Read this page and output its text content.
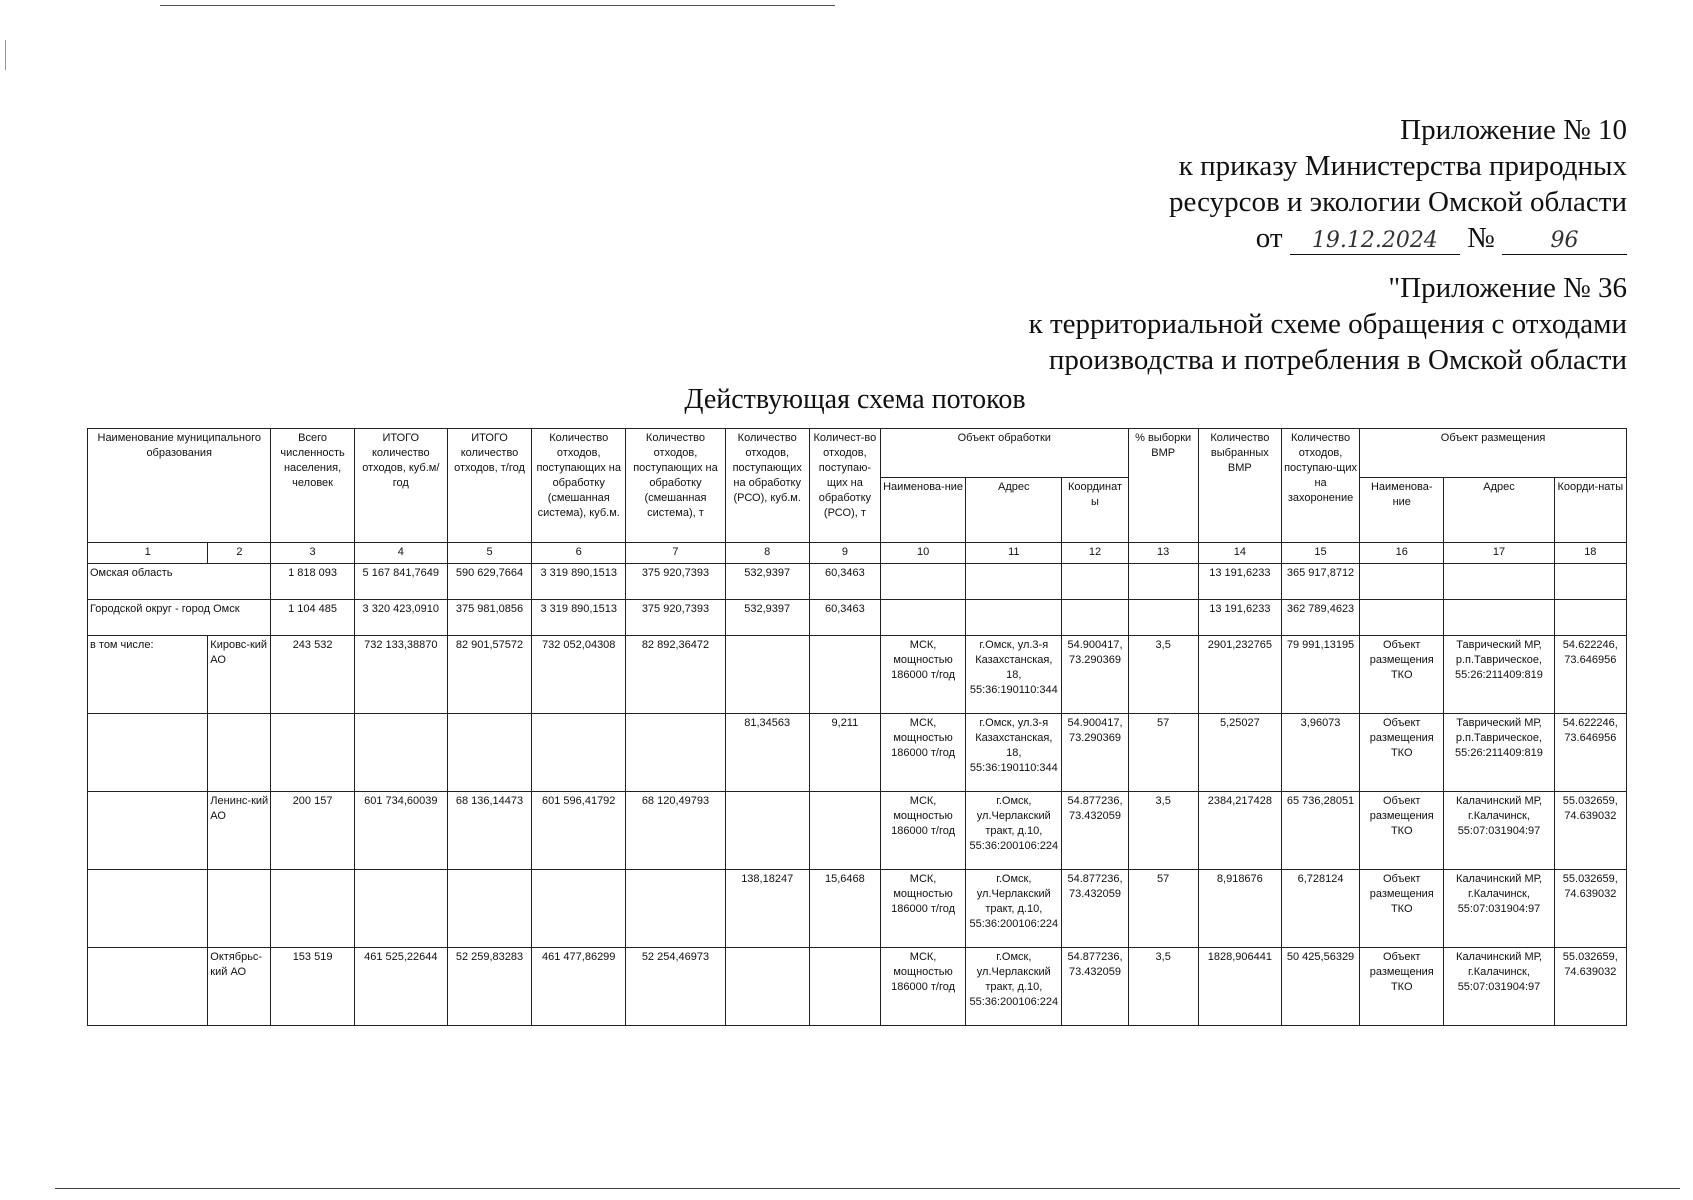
Приложение № 10
к приказу Министерства природных
ресурсов и экологии Омской области
от 19.12.2024 №	96
"Приложение № 36
к территориальной схеме обращения с отходами
производства и потребления в Омской области
Действующая схема потоков
Наименование муниципального образования		Всего численность населения, человек	ИТОГО количество отходов, куб.м/год	ИТОГО количество отходов, т/год	Количество отходов, поступающих на обработку (смешанная система), куб.м.	Количество отходов, поступающих на обработку (смешанная система), т	Количество отходов, поступающих на обработку (РСО), куб.м.	Количест-во отходов, поступаю-щих на обработку (РСО), т	Объект обработки			% выборки ВМР	Количество выбранных ВМР	Количество отходов, поступаю-щих на захоронение	Объект размещения		
									Наименова-ние	Адрес	Координат ы				Наименова-ние	Адрес	Коорди-наты
1	2	3	4	5	6	7	8	9	10	11	12	13	14	15	16	17	18
Омская область		1 818 093	5 167 841,7649	590 629,7664	3 319 890,1513	375 920,7393	532,9397	60,3463					13 191,6233	365 917,8712			
Городской округ - город Омск		1 104 485	3 320 423,0910	375 981,0856	3 319 890,1513	375 920,7393	532,9397	60,3463					13 191,6233	362 789,4623			
в том числе:	Кировс-кий АО	243 532	732 133,38870	82 901,57572	732 052,04308	82 892,36472			МСК, мощностью 186000 т/год	г.Омск, ул.3-я Казахстанская, 18, 55:36:190110:344	54.900417, 73.290369	3,5	2901,232765	79 991,13195	Объект размещения ТКО	Таврический МР, р.п.Таврическое, 55:26:211409:819	54.622246, 73.646956
							81,34563	9,211	МСК, мощностью 186000 т/год	г.Омск, ул.3-я Казахстанская, 18, 55:36:190110:344	54.900417, 73.290369	57	5,25027	3,96073	Объект размещения ТКО	Таврический МР, р.п.Таврическое, 55:26:211409:819	54.622246, 73.646956
	Ленинс-кий АО	200 157	601 734,60039	68 136,14473	601 596,41792	68 120,49793			МСК, мощностью 186000 т/год	г.Омск, ул.Черлакский тракт, д.10, 55:36:200106:224	54.877236, 73.432059	3,5	2384,217428	65 736,28051	Объект размещения ТКО	Калачинский МР, г.Калачинск, 55:07:031904:97	55.032659, 74.639032
							138,18247	15,6468	МСК, мощностью 186000 т/год	г.Омск, ул.Черлакский тракт, д.10, 55:36:200106:224	54.877236, 73.432059	57	8,918676	6,728124	Объект размещения ТКО	Калачинский МР, г.Калачинск, 55:07:031904:97	55.032659, 74.639032
	Октябрьс-кий АО	153 519	461 525,22644	52 259,83283	461 477,86299	52 254,46973			МСК, мощностью 186000 т/год	г.Омск, ул.Черлакский тракт, д.10, 55:36:200106:224	54.877236, 73.432059	3,5	1828,906441	50 425,56329	Объект размещения ТКО	Калачинский МР, г.Калачинск, 55:07:031904:97	55.032659, 74.639032
